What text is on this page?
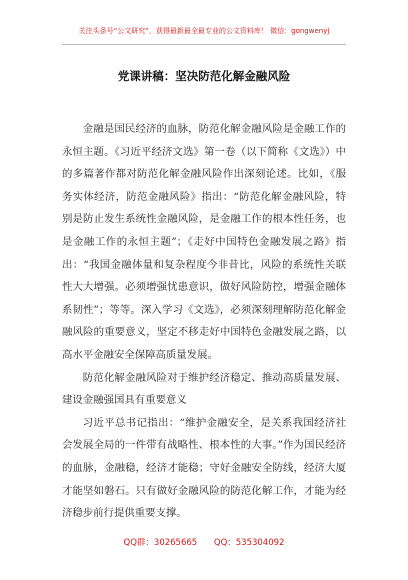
关注头条号“公文研究”，获得最新最全最专业的公文资料库！ 微信：gongwenyj
党课讲稿：坚决防范化解金融风险

金融是国民经济的血脉，防范化解金融风险是金融工作的永恒主题。《习近平经济文选》第一卷（以下简称《文选》）中的多篇著作都对防范化解金融风险作出深刻论述。比如，《服务实体经济，防范金融风险》指出：“防范化解金融风险，特别是防止发生系统性金融风险，是金融工作的根本性任务，也是金融工作的永恒主题”；《走好中国特色金融发展之路》指出：“我国金融体量和复杂程度今非昔比，风险的系统性关联性大大增强。必须增强忧患意识，做好风险防控，增强金融体系韧性”；等等。深入学习《文选》，必须深刻理解防范化解金融风险的重要意义，坚定不移走好中国特色金融发展之路，以高水平金融安全保障高质量发展。

防范化解金融风险对于维护经济稳定、推动高质量发展、建设金融强国具有重要意义

习近平总书记指出：“维护金融安全，是关系我国经济社会发展全局的一件带有战略性、根本性的大事。”作为国民经济的血脉，金融稳，经济才能稳；守好金融安全防线，经济大厦才能坚如磐石。只有做好金融风险的防范化解工作，才能为经济稳步前行提供重要支撑。

QQ群：30265665 QQ：535304092
